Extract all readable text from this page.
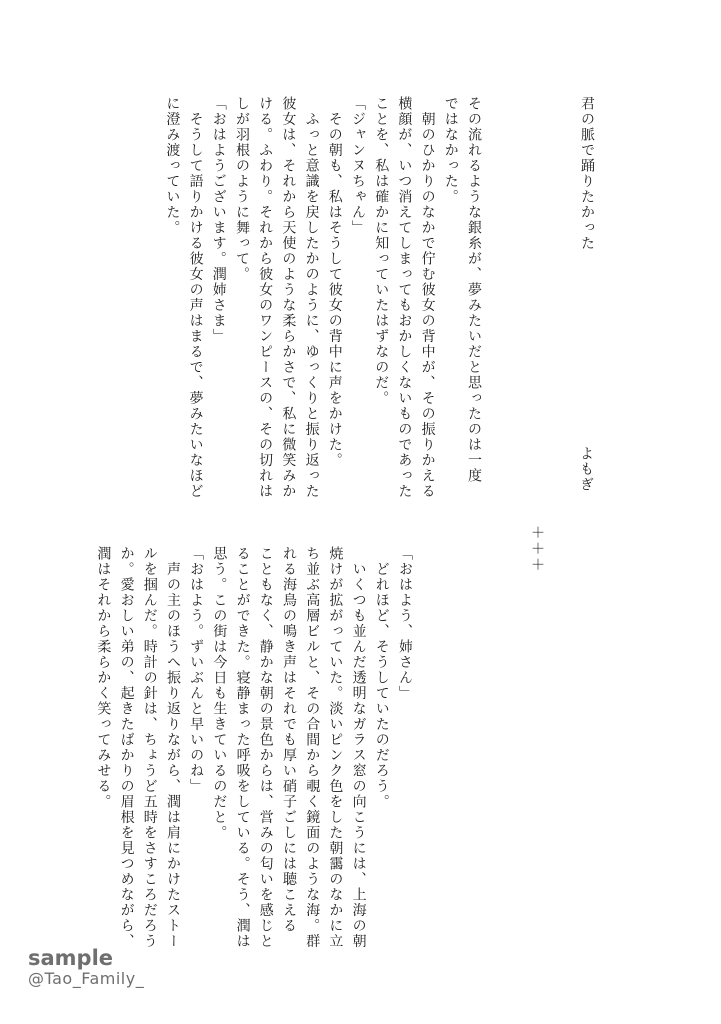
君の脈で踊りたかった
よもぎ
その流れるような銀糸が、夢みたいだと思ったのは一度
ではなかった。
　朝のひかりのなかで佇む彼女の背中が、その振りかえる
横顔が、いつ消えてしまってもおかしくないものであった
ことを、私は確かに知っていたはずなのだ。
「ジャンヌちゃん」
　その朝も、私はそうして彼女の背中に声をかけた。
　ふっと意識を戻したかのように、ゆっくりと振り返った
彼女は、それから天使のような柔らかさで、私に微笑みか
ける。ふわり。それから彼女のワンピースの、その切れは
しが羽根のように舞って。
「おはようございます。潤姉さま」
　そうして語りかける彼女の声はまるで、夢みたいなほど
に澄み渡っていた。
＋＋＋
「おはよう、姉さん」
　どれほど、そうしていたのだろう。
　いくつも並んだ透明なガラス窓の向こうには、上海の朝
焼けが拡がっていた。淡いピンク色をした朝靄のなかに立
ち並ぶ高層ビルと、その合間から覗く鏡面のような海。群
れる海鳥の鳴き声はそれでも厚い硝子ごしには聴こえる
こともなく、静かな朝の景色からは、営みの匂いを感じと
ることができた。寝静まった呼吸をしている。そう、潤は
思う。この街は今日も生きているのだと。
「おはよう。ずいぶんと早いのね」
　声の主のほうへ振り返りながら、潤は肩にかけたストー
ルを掴んだ。時計の針は、ちょうど五時をさすころだろう
か。愛おしい弟の、起きたばかりの眉根を見つめながら、
潤はそれから柔らかく笑ってみせる。
sample
@Tao_Family_
